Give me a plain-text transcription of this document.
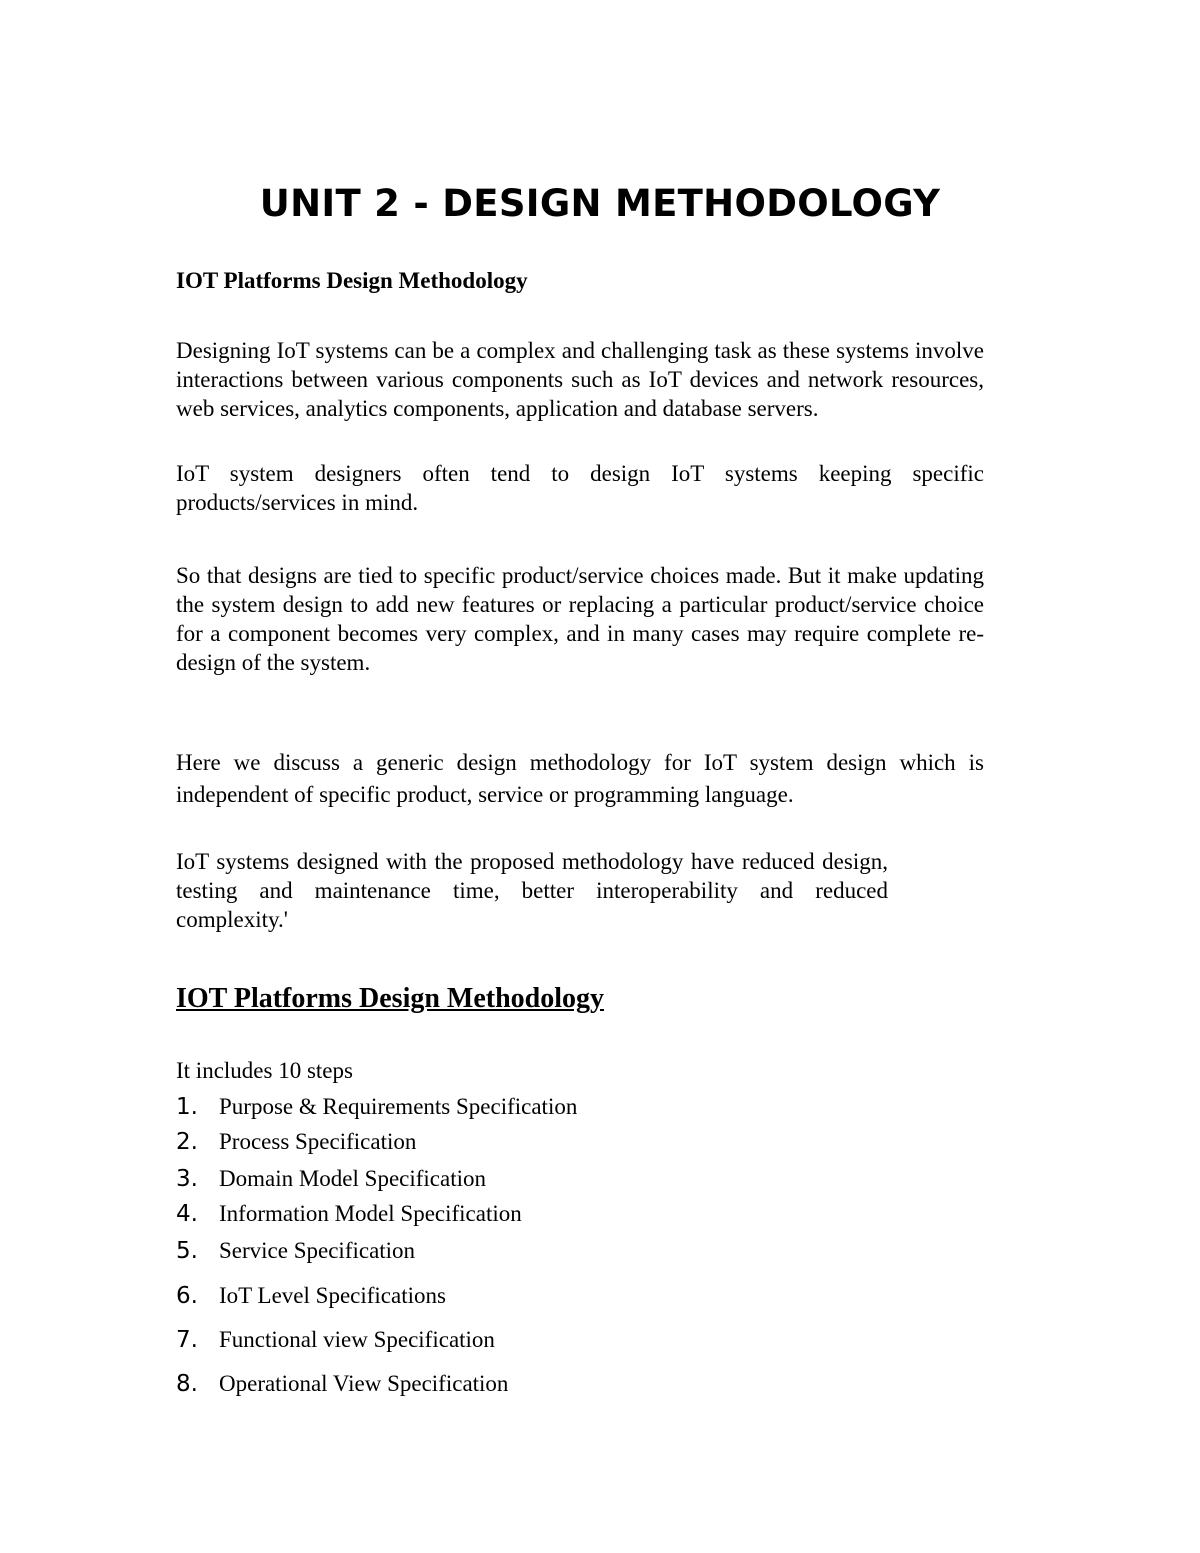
UNIT 2 - DESIGN METHODOLOGY

IOT Platforms Design Methodology

Designing IoT systems can be a complex and challenging task as these systems involve interactions between various components such as IoT devices and network resources, web services, analytics components, application and database servers.

IoT system designers often tend to design IoT systems keeping specific products/services in mind.

So that designs are tied to specific product/service choices made. But it make updating the system design to add new features or replacing a particular product/service choice for a component becomes very complex, and in many cases may require complete re- design of the system.

Here we discuss a generic design methodology for IoT system design which is independent of specific product, service or programming language.

IoT systems designed with the proposed methodology have reduced design, testing and maintenance time, better interoperability and reduced complexity.'

IOT Platforms Design Methodology

It includes 10 steps

1. Purpose & Requirements Specification
2. Process Specification
3. Domain Model Specification
4. Information Model Specification
5. Service Specification
6. IoT Level Specifications
7. Functional view Specification
8. Operational View Specification
